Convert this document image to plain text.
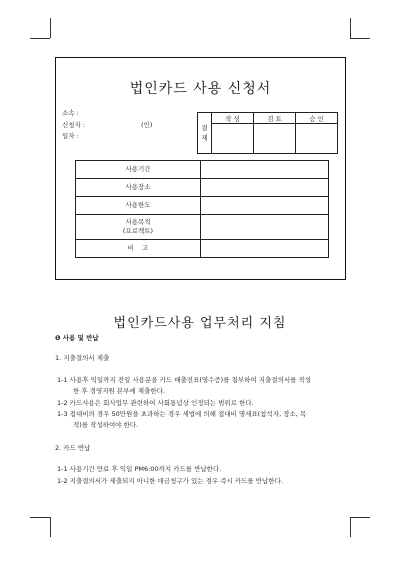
법인카드 사용 신청서
소속 :
신청자 :	(인)
일자 :
결
재	작 성	검 토	승 인

사용기간	
사용장소	
사용한도	
사용목적
(프로젝트)	
비    고	
법인카드사용 업무처리 지침
❶ 사용 및 반납
1. 지출결의서 제출
1-1 사용후 익일까지 전일 사용분을 카드 매출전표(영수증)를 첨부하여 지출결의서를 작성
한 후 경영지원 본부에 제출한다.
1-2 카드사용은 회사업무 관련하여 사회통념상 인정되는 범위로 한다.
1-3 접대비의 경우 50만원을 초과하는 경우 세법에 의해 접대비 명세표(참석자, 장소, 목
적)를 작성하여야 한다.
2. 카드 반납
1-1 사용기간 만료 후 익일 PM6:00까지 카드를 반납한다.
1-2 지출결의서가 제출되지 아니한 대금청구가 있는 경우 즉시 카드를 반납한다.
